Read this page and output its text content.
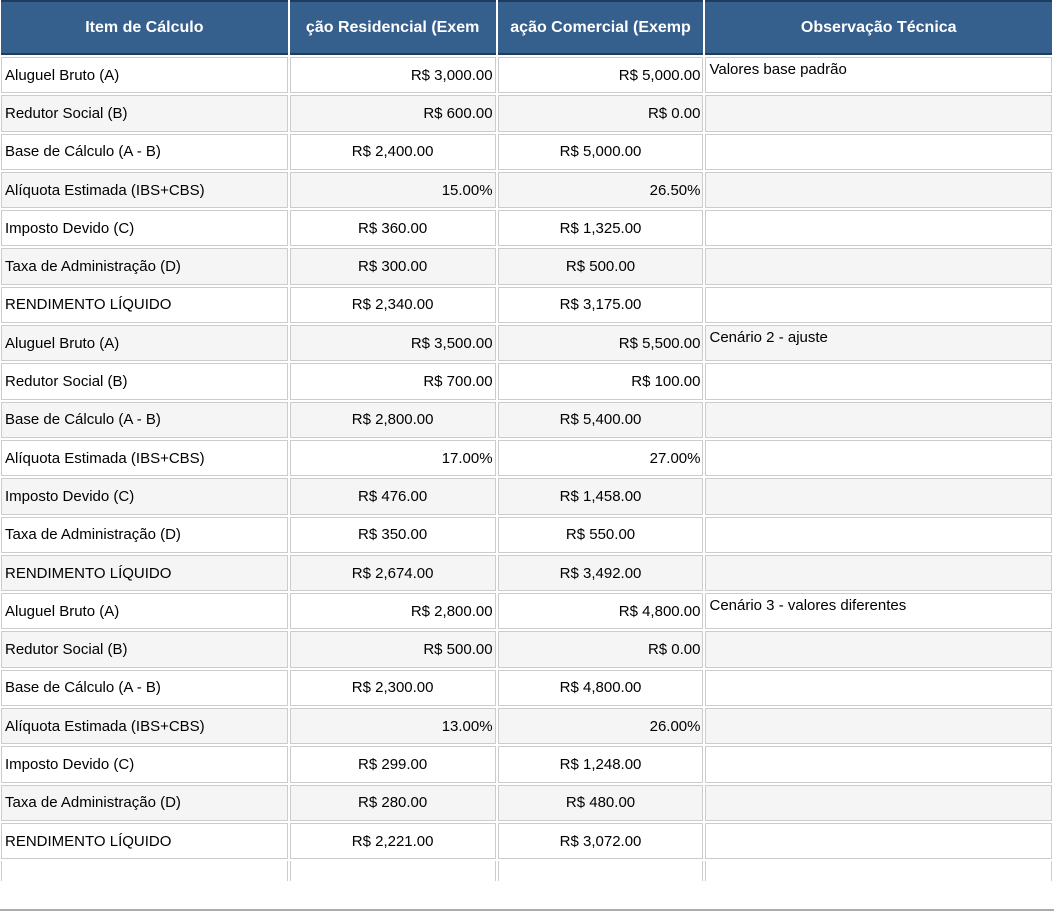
Item de Cálculo	ção Residencial (Exem	ação Comercial (Exemp	Observação Técnica
Aluguel Bruto (A)	R$ 3,000.00	R$ 5,000.00	Valores base padrão
Redutor Social (B)	R$ 600.00	R$ 0.00	
Base de Cálculo (A - B)	R$ 2,400.00	R$ 5,000.00	
Alíquota Estimada (IBS+CBS)	15.00%	26.50%	
Imposto Devido (C)	R$ 360.00	R$ 1,325.00	
Taxa de Administração (D)	R$ 300.00	R$ 500.00	
RENDIMENTO LÍQUIDO	R$ 2,340.00	R$ 3,175.00	
Aluguel Bruto (A)	R$ 3,500.00	R$ 5,500.00	Cenário 2 - ajuste
Redutor Social (B)	R$ 700.00	R$ 100.00	
Base de Cálculo (A - B)	R$ 2,800.00	R$ 5,400.00	
Alíquota Estimada (IBS+CBS)	17.00%	27.00%	
Imposto Devido (C)	R$ 476.00	R$ 1,458.00	
Taxa de Administração (D)	R$ 350.00	R$ 550.00	
RENDIMENTO LÍQUIDO	R$ 2,674.00	R$ 3,492.00	
Aluguel Bruto (A)	R$ 2,800.00	R$ 4,800.00	Cenário 3 - valores diferentes
Redutor Social (B)	R$ 500.00	R$ 0.00	
Base de Cálculo (A - B)	R$ 2,300.00	R$ 4,800.00	
Alíquota Estimada (IBS+CBS)	13.00%	26.00%	
Imposto Devido (C)	R$ 299.00	R$ 1,248.00	
Taxa de Administração (D)	R$ 280.00	R$ 480.00	
RENDIMENTO LÍQUIDO	R$ 2,221.00	R$ 3,072.00	
